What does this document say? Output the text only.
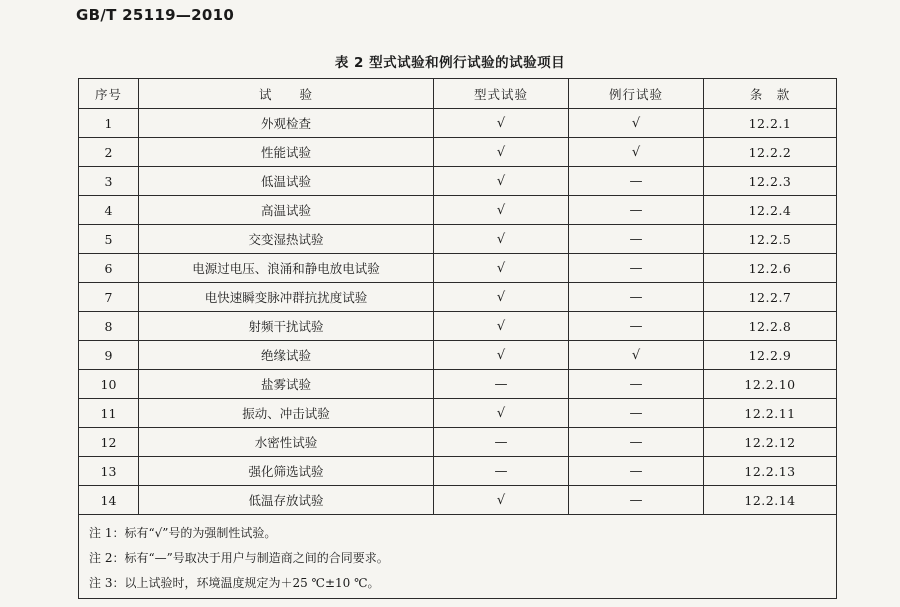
GB/T 25119—2010
表 2 型式试验和例行试验的试验项目
序号	试　　验	型式试验	例行试验	条　款
1	外观检查	√	√	12.2.1
2	性能试验	√	√	12.2.2
3	低温试验	√	—	12.2.3
4	高温试验	√	—	12.2.4
5	交变湿热试验	√	—	12.2.5
6	电源过电压、浪涌和静电放电试验	√	—	12.2.6
7	电快速瞬变脉冲群抗扰度试验	√	—	12.2.7
8	射频干扰试验	√	—	12.2.8
9	绝缘试验	√	√	12.2.9
10	盐雾试验	—	—	12.2.10
11	振动、冲击试验	√	—	12.2.11
12	水密性试验	—	—	12.2.12
13	强化筛选试验	—	—	12.2.13
14	低温存放试验	√	—	12.2.14

注 1：标有“√”号的为强制性试验。
注 2：标有“—”号取决于用户与制造商之间的合同要求。
注 3：以上试验时，环境温度规定为＋25 ℃±10 ℃。				
